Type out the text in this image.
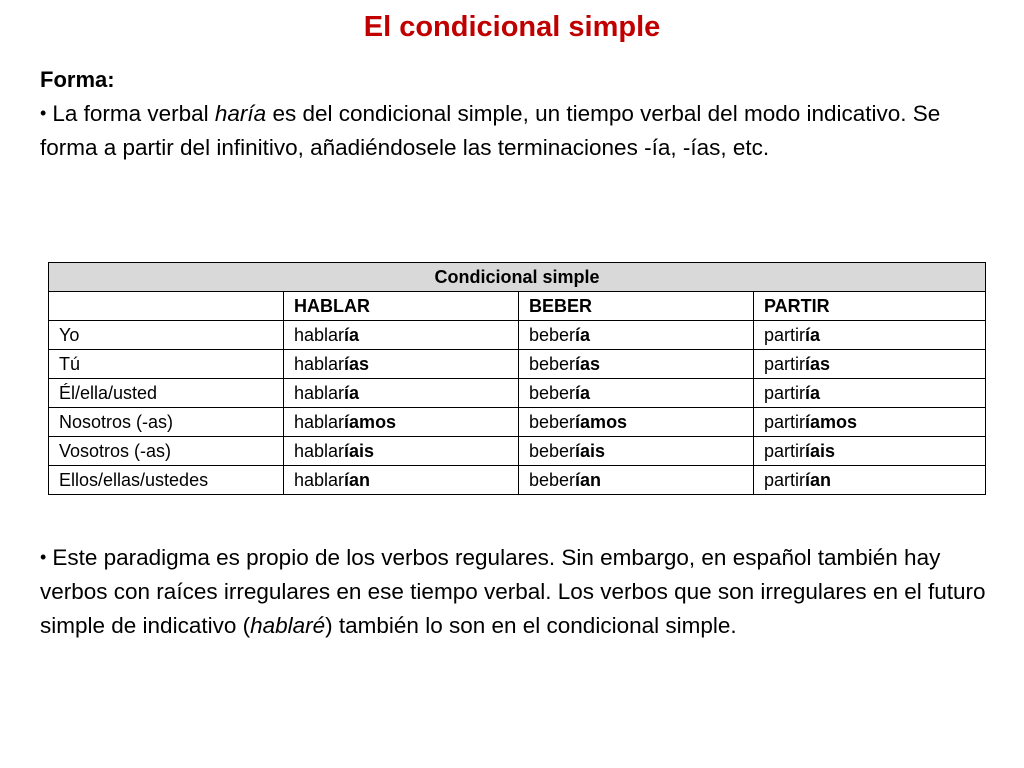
El condicional simple
Forma:
• La forma verbal haría es del condicional simple, un tiempo verbal del modo indicativo. Se forma a partir del infinitivo, añadiéndosele las terminaciones -ía, -ías, etc.
Condicional simple			
	HABLAR	BEBER	PARTIR
Yo	hablaría	bebería	partiría
Tú	hablarías	beberías	partirías
Él/ella/usted	hablaría	bebería	partiría
Nosotros (-as)	hablaríamos	beberíamos	partiríamos
Vosotros (-as)	hablaríais	beberíais	partiríais
Ellos/ellas/ustedes	hablarían	beberían	partirían
• Este paradigma es propio de los verbos regulares. Sin embargo, en español también hay verbos con raíces irregulares en ese tiempo verbal. Los verbos que son irregulares en el futuro simple de indicativo (hablaré) también lo son en el condicional simple.
